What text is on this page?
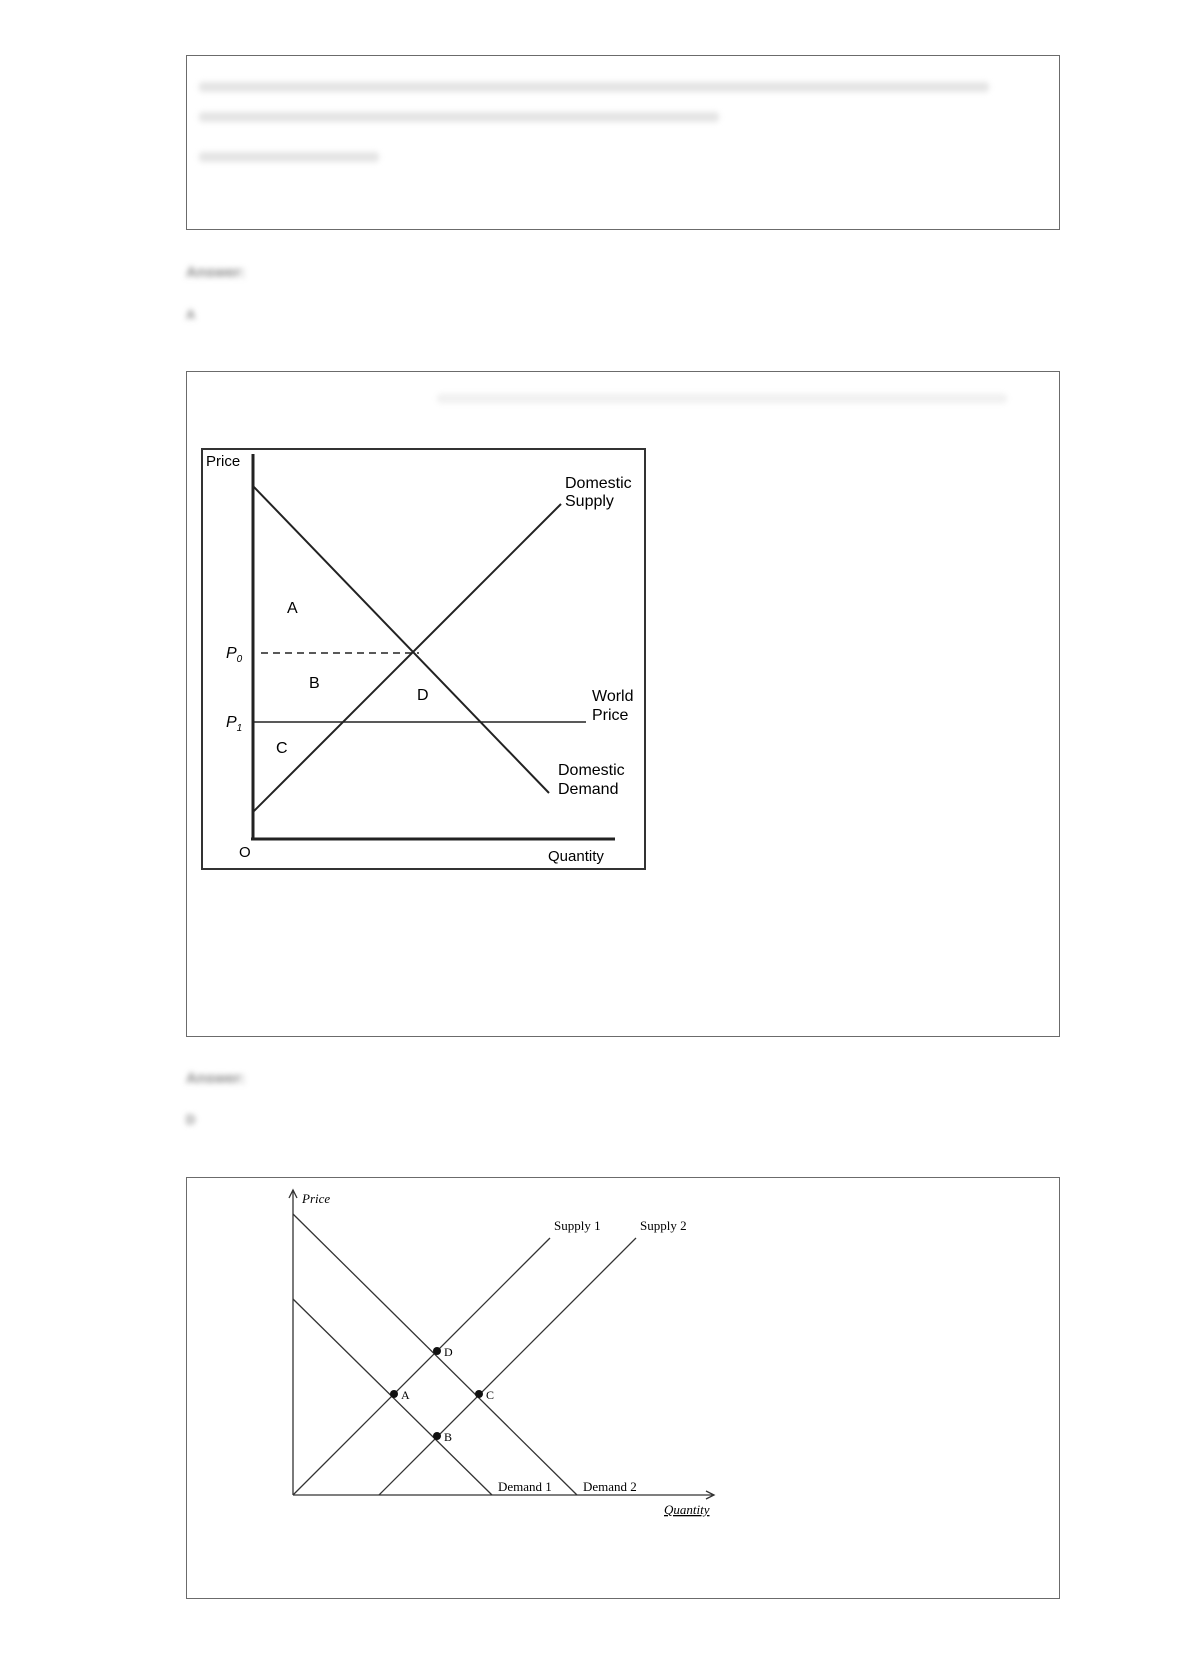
Answer:
A
Price
Quantity
O
$P_0$
$P_1$
Domestic
Supply
World
Price
Domestic
Demand
A
B
C
D
Answer:
D
Price
Quantity
Supply 1	Supply 2
Demand 1 Demand 2
D
A	C
B
